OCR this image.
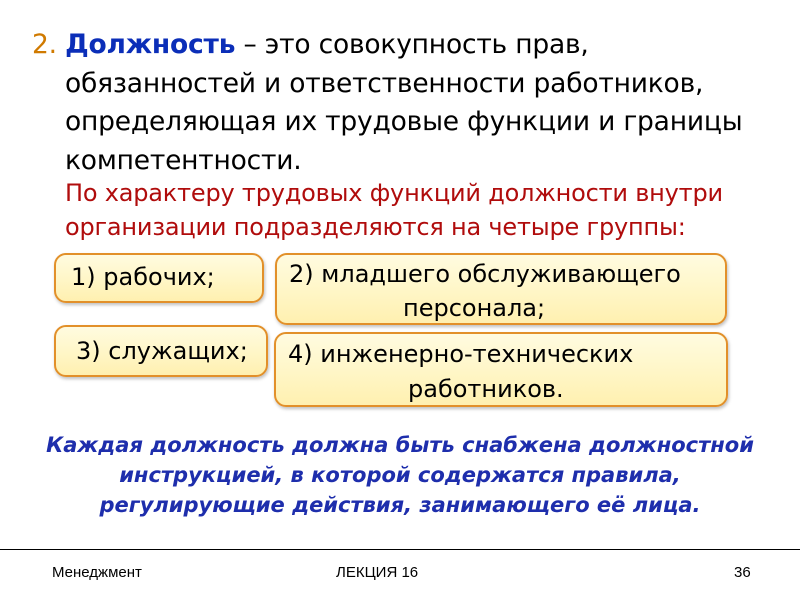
2. Должность – это совокупность прав,
обязанностей и ответственности работников,
определяющая их трудовые функции и границы
компетентности.
По характеру трудовых функций должности внутри
организации подразделяются на четыре группы:
1) рабочих;	2) младшего обслуживающего
персонала;
3) служащих; 4) инженерно-технических
работников.
Каждая должность должна быть снабжена должностной
инструкцией, в которой содержатся правила,
регулирующие действия, занимающего её лица.
Менеджмент	ЛЕКЦИЯ 16	36
